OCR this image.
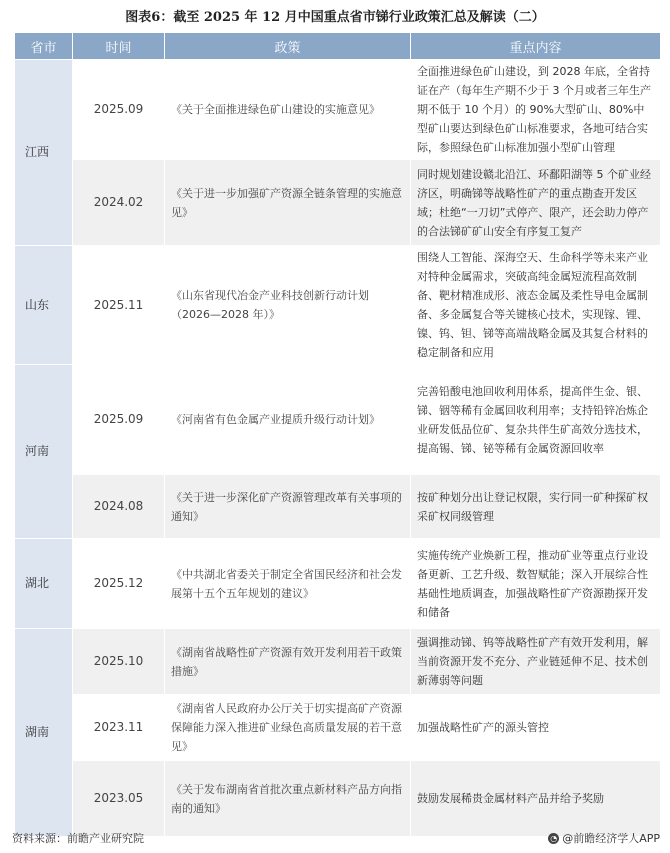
图表6：截至 2025 年 12 月中国重点省市锑行业政策汇总及解读（二）
省市	时间	政策	重点内容
江西	2025.09	《关于全面推进绿色矿山建设的实施意见》	全面推进绿色矿山建设，到 2028 年底，全省持证在产（每年生产期不少于 3 个月或者三年生产期不低于 10 个月）的 90%大型矿山、80%中型矿山要达到绿色矿山标准要求，各地可结合实际，参照绿色矿山标准加强小型矿山管理
	2024.02	《关于进一步加强矿产资源全链条管理的实施意见》	同时规划建设赣北沿江、环鄱阳湖等 5 个矿业经济区，明确锑等战略性矿产的重点勘查开发区域；杜绝“一刀切”式停产、限产，还会助力停产的合法锑矿矿山安全有序复工复产
山东	2025.11	《山东省现代冶金产业科技创新行动计划（2026—2028 年）》	围绕人工智能、深海空天、生命科学等未来产业对特种金属需求，突破高纯金属短流程高效制备、靶材精准成形、液态金属及柔性导电金属制备、多金属复合等关键核心技术，实现镓、锂、镍、钨、钽、锑等高端战略金属及其复合材料的稳定制备和应用
河南	2025.09	《河南省有色金属产业提质升级行动计划》	完善铅酸电池回收利用体系，提高伴生金、银、锑、铟等稀有金属回收利用率；支持铅锌冶炼企业研发低品位矿、复杂共伴生矿高效分选技术，提高锡、锑、铋等稀有金属资源回收率
	2024.08	《关于进一步深化矿产资源管理改革有关事项的通知》	按矿种划分出让登记权限，实行同一矿种探矿权采矿权同级管理
湖北	2025.12	《中共湖北省委关于制定全省国民经济和社会发展第十五个五年规划的建议》	实施传统产业焕新工程，推动矿业等重点行业设备更新、工艺升级、数智赋能；深入开展综合性基础性地质调查，加强战略性矿产资源勘探开发和储备
湖南	2025.10	《湖南省战略性矿产资源有效开发利用若干政策措施》	强调推动锑、钨等战略性矿产有效开发利用，解当前资源开发不充分、产业链延伸不足、技术创新薄弱等问题
	2023.11	《湖南省人民政府办公厅关于切实提高矿产资源保障能力深入推进矿业绿色高质量发展的若干意见》	加强战略性矿产的源头管控
	2023.05	《关于发布湖南省首批次重点新材料产品方向指南的通知》	鼓励发展稀贵金属材料产品并给予奖励
资料来源：前瞻产业研究院	◔ @前瞻经济学人APP
